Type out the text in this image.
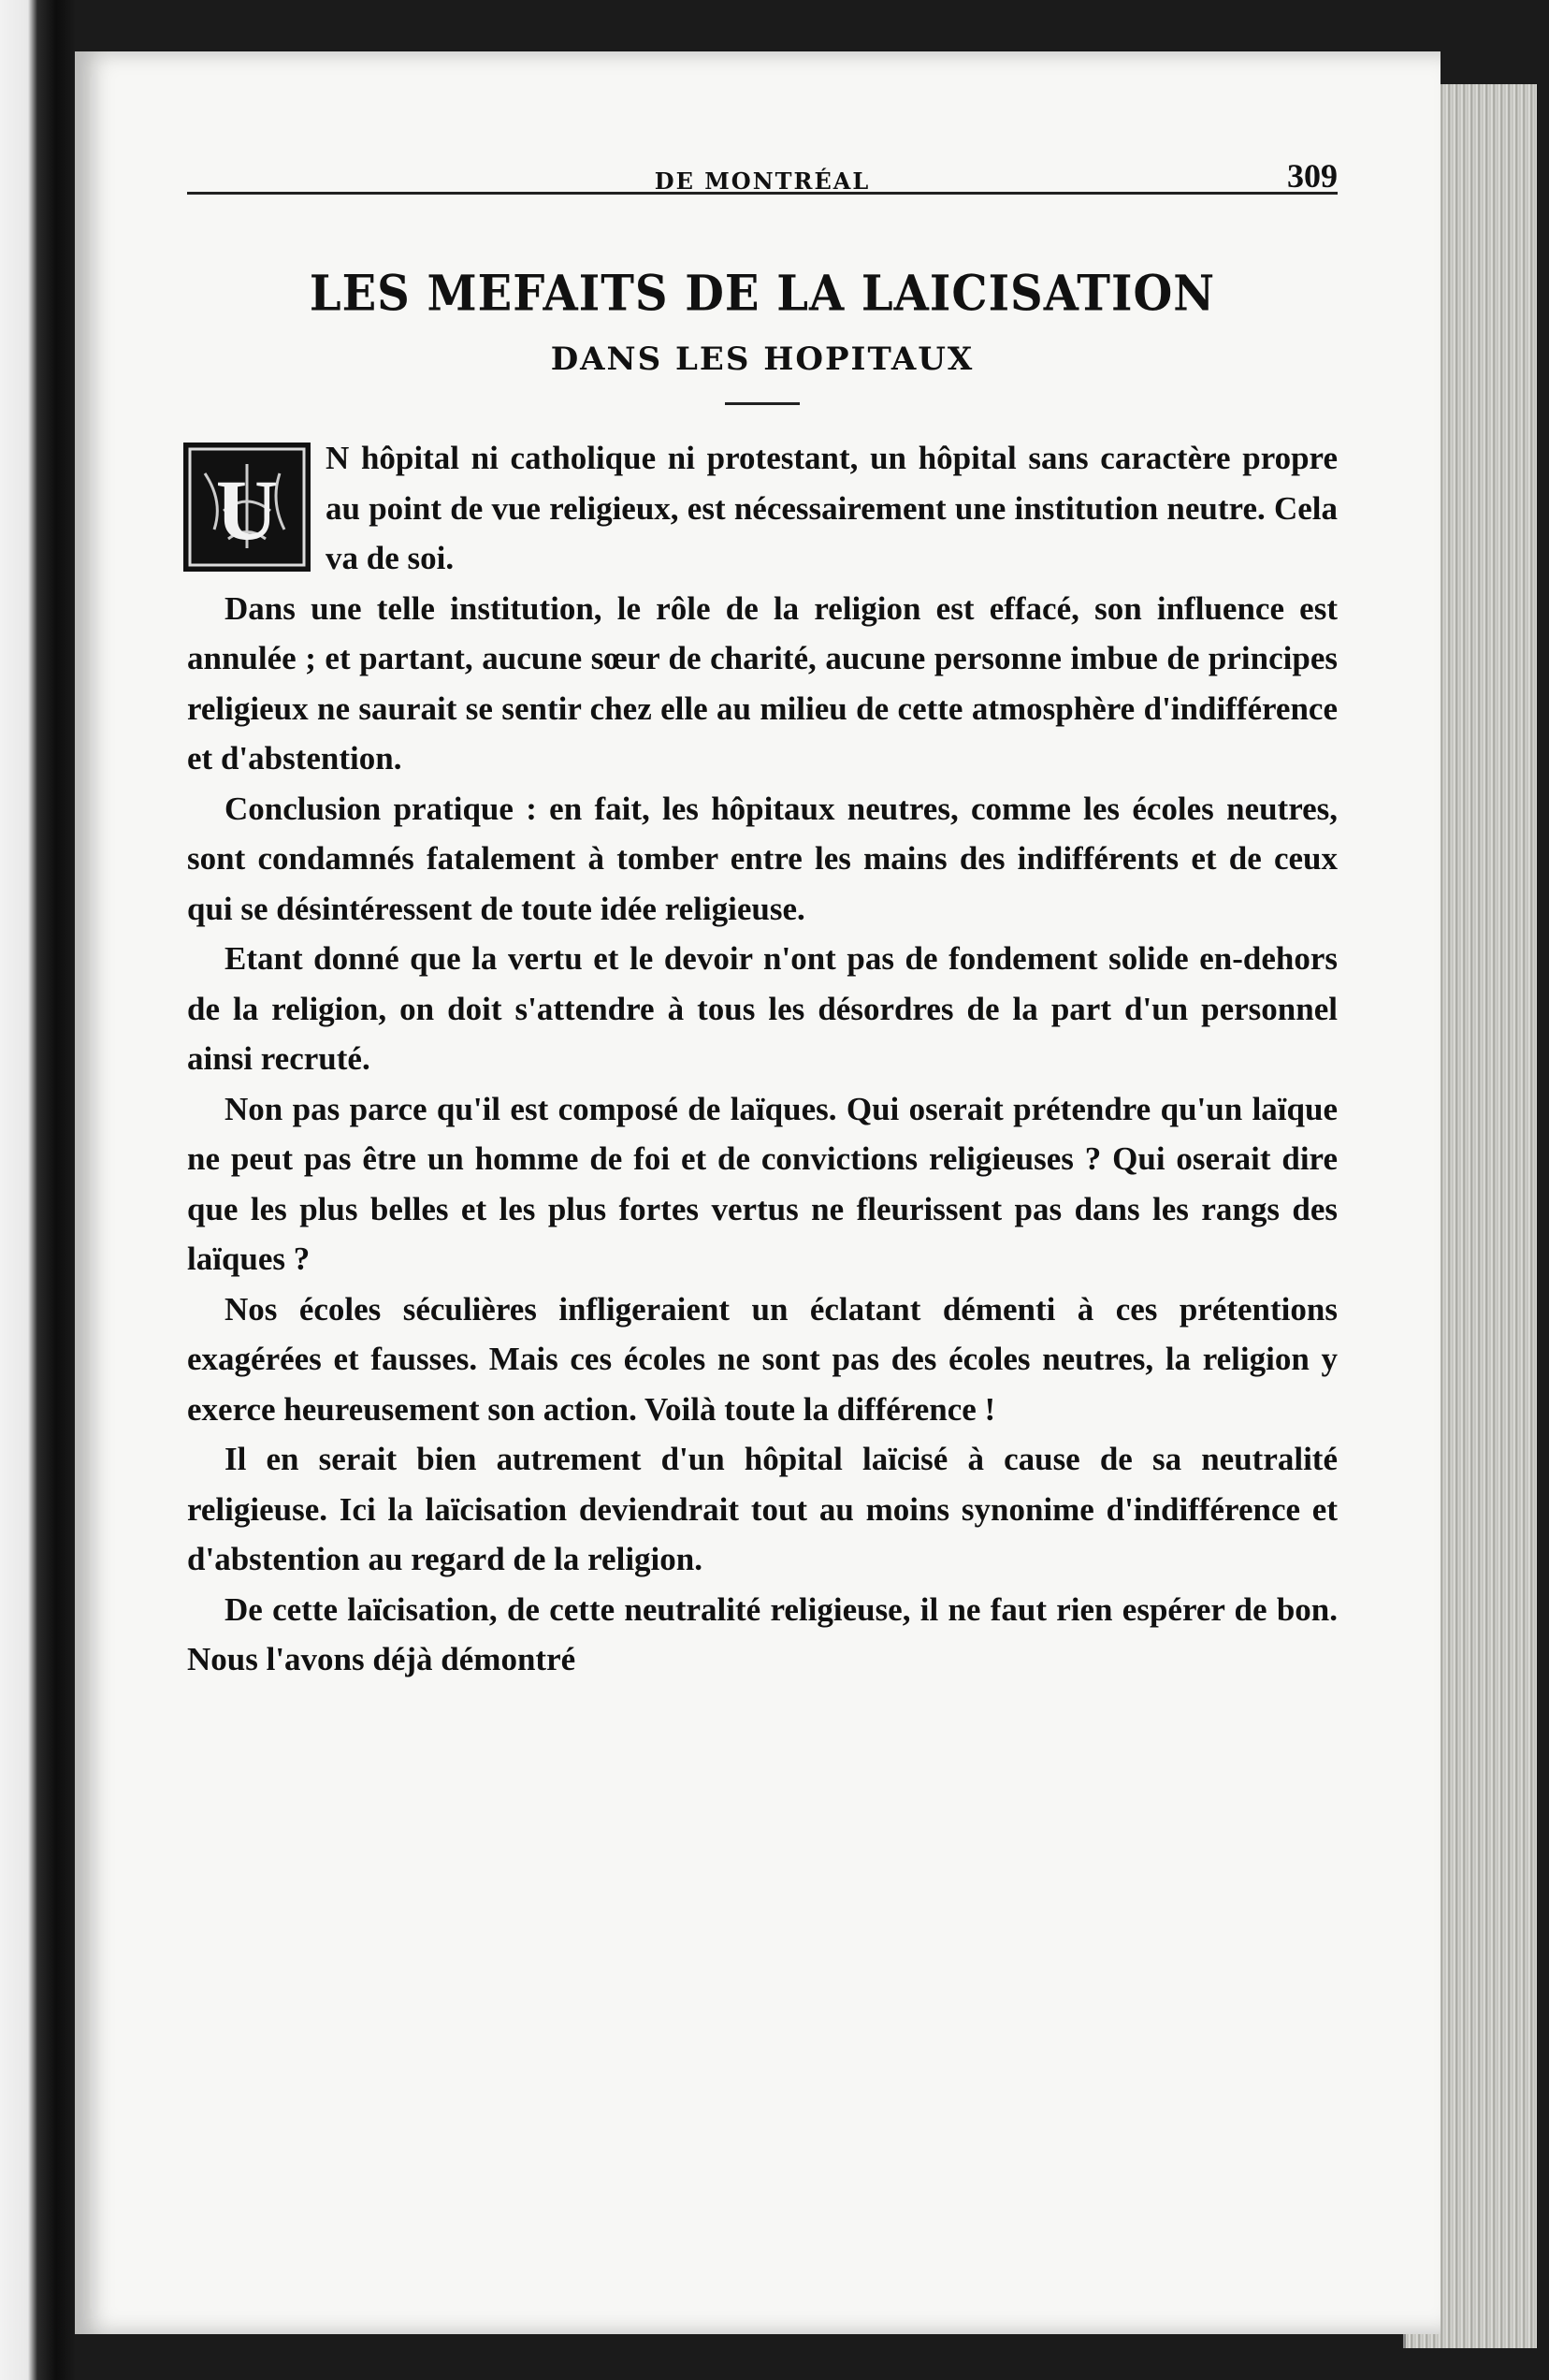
DE MONTRÉAL	309
LES MEFAITS DE LA LAICISATION
DANS LES HOPITAUX

U
N hôpital ni catholique ni protestant, un hôpital sans caractère propre au point de vue religieux, est nécessairement une institution neutre. Cela va de soi.

Dans une telle institution, le rôle de la religion est effacé, son influence est annulée ; et partant, aucune sœur de charité, aucune personne imbue de principes religieux ne saurait se sentir chez elle au milieu de cette atmosphère d'indifférence et d'abstention.

Conclusion pratique : en fait, les hôpitaux neutres, comme les écoles neutres, sont condamnés fatalement à tomber entre les mains des indifférents et de ceux qui se désintéressent de toute idée religieuse.

Etant donné que la vertu et le devoir n'ont pas de fondement solide en-dehors de la religion, on doit s'attendre à tous les désordres de la part d'un personnel ainsi recruté.

Non pas parce qu'il est composé de laïques. Qui oserait prétendre qu'un laïque ne peut pas être un homme de foi et de convictions religieuses ? Qui oserait dire que les plus belles et les plus fortes vertus ne fleurissent pas dans les rangs des laïques ?

Nos écoles séculières infligeraient un éclatant démenti à ces prétentions exagérées et fausses. Mais ces écoles ne sont pas des écoles neutres, la religion y exerce heureusement son action. Voilà toute la différence !

Il en serait bien autrement d'un hôpital laïcisé à cause de sa neutralité religieuse. Ici la laïcisation deviendrait tout au moins synonime d'indifférence et d'abstention au regard de la religion.

De cette laïcisation, de cette neutralité religieuse, il ne faut rien espérer de bon. Nous l'avons déjà démontré
